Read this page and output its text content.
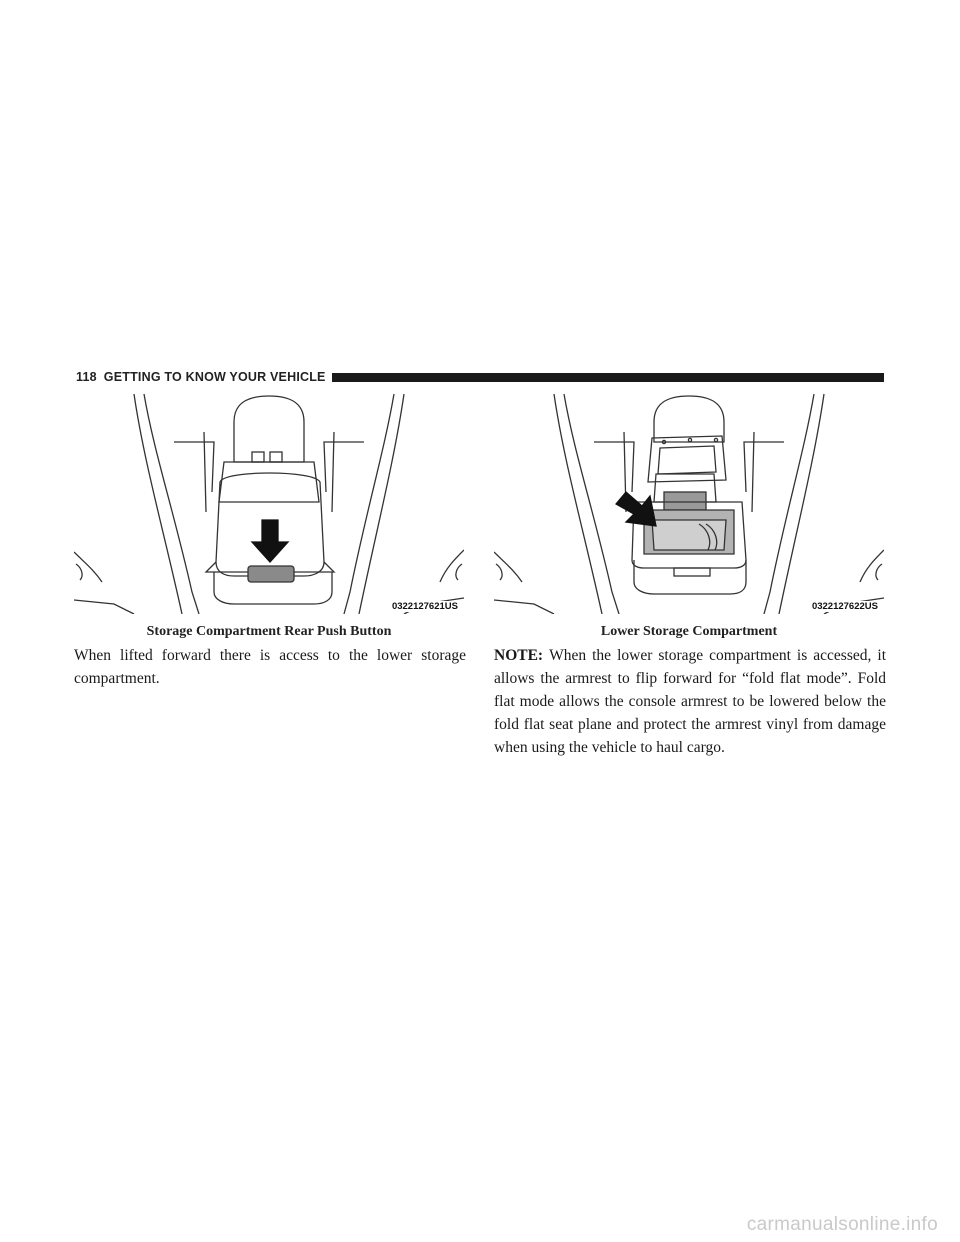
118 GETTING TO KNOW YOUR VEHICLE
0322127621US
Storage Compartment Rear Push Button
0322127622US
Lower Storage Compartment

When lifted forward there is access to the lower storage compartment.

NOTE: When the lower storage compartment is accessed, it allows the armrest to flip forward for “fold flat mode”. Fold flat mode allows the console armrest to be lowered below the fold flat seat plane and protect the armrest vinyl from damage when using the vehicle to haul cargo.

carmanualsonline.info
